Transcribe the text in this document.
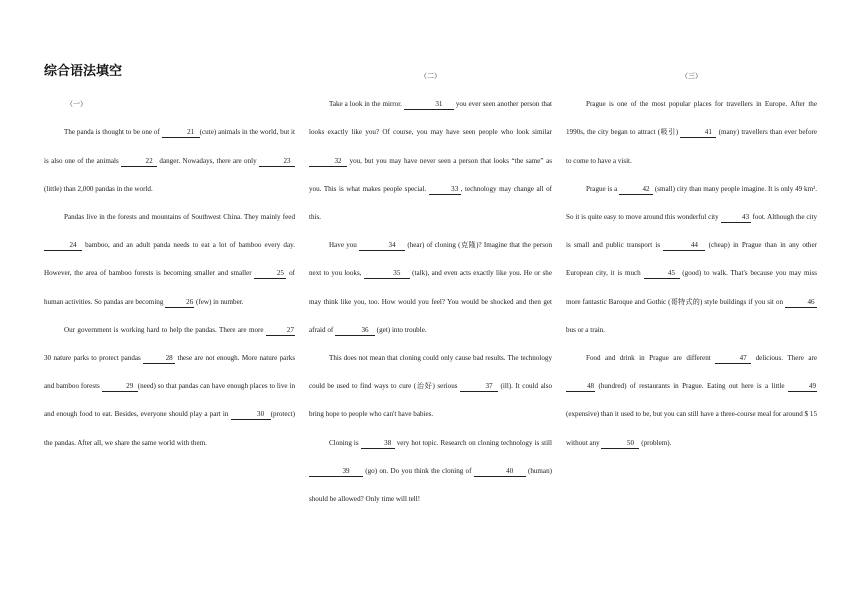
综合语法填空
（一）

The panda is thought to be one of	21 (cute) animals in the world, but it is also one of the animals	22 danger. Nowadays, there are only	23(little) than 2,000 pandas in the world.

Pandas live in the forests and mountains of Southwest China. They mainly feed 24 bamboo, and an adult panda needs to eat a lot of bamboo every day. However, the area of bamboo forests is becoming smaller and smaller	25 of human activities. So pandas are becoming	26 (few) in number.

Our government is working hard to help the pandas. There are more	27 30 nature parks to protect pandas	28 these are not enough. More nature parks and bamboo forests	29 (need) so that pandas can have enough places to live in and enough food to eat. Besides, everyone should play a part in	30 (protect) the pandas. After all, we share the same world with them.

（二）

Take a look in the mirror.	31 you ever seen another person that looks exactly like you? Of course, you may have seen people who look similar 32 you, but you may have never seen a person that looks “the same” as you. This is what makes people special.	33 , technology may change all of this.

Have you	34 (hear) of cloning (克隆)? Imagine that the person next to you looks,	35 (talk), and even acts exactly like you. He or she may think like you, too. How would you feel? You would be shocked and then get afraid of	36 (get) into trouble.

This does not mean that cloning could only cause bad results. The technology could be used to find ways to cure (治好) serious	37 (ill). It could also bring hope to people who can't have babies.

Cloning is	38 very hot topic. Research on cloning technology is still 39 (go) on. Do you think the cloning of	40 (human) should be allowed? Only time will tell!

（三）

Prague is one of the most popular places for travellers in Europe. After the 1990s, the city began to attract (吸引)	41 (many) travellers than ever before to come to have a visit.

Prague is a	42 (small) city than many people imagine. It is only 49 km². So it is quite easy to move around this wonderful city	43 foot. Although the city is small and public transport is	44 (cheap) in Prague than in any other European city, it is much	45 (good) to walk. That's because you may miss more fantastic Baroque and Gothic (哥特式的) style buildings if you sit on	46 bus or a train.

Food and drink in Prague are different	47 delicious. There are 48 (hundred) of restaurants in Prague. Eating out here is a little	49 (expensive) than it used to be, but you can still have a three-course meal for around $ 15 without any	50 (problem).
